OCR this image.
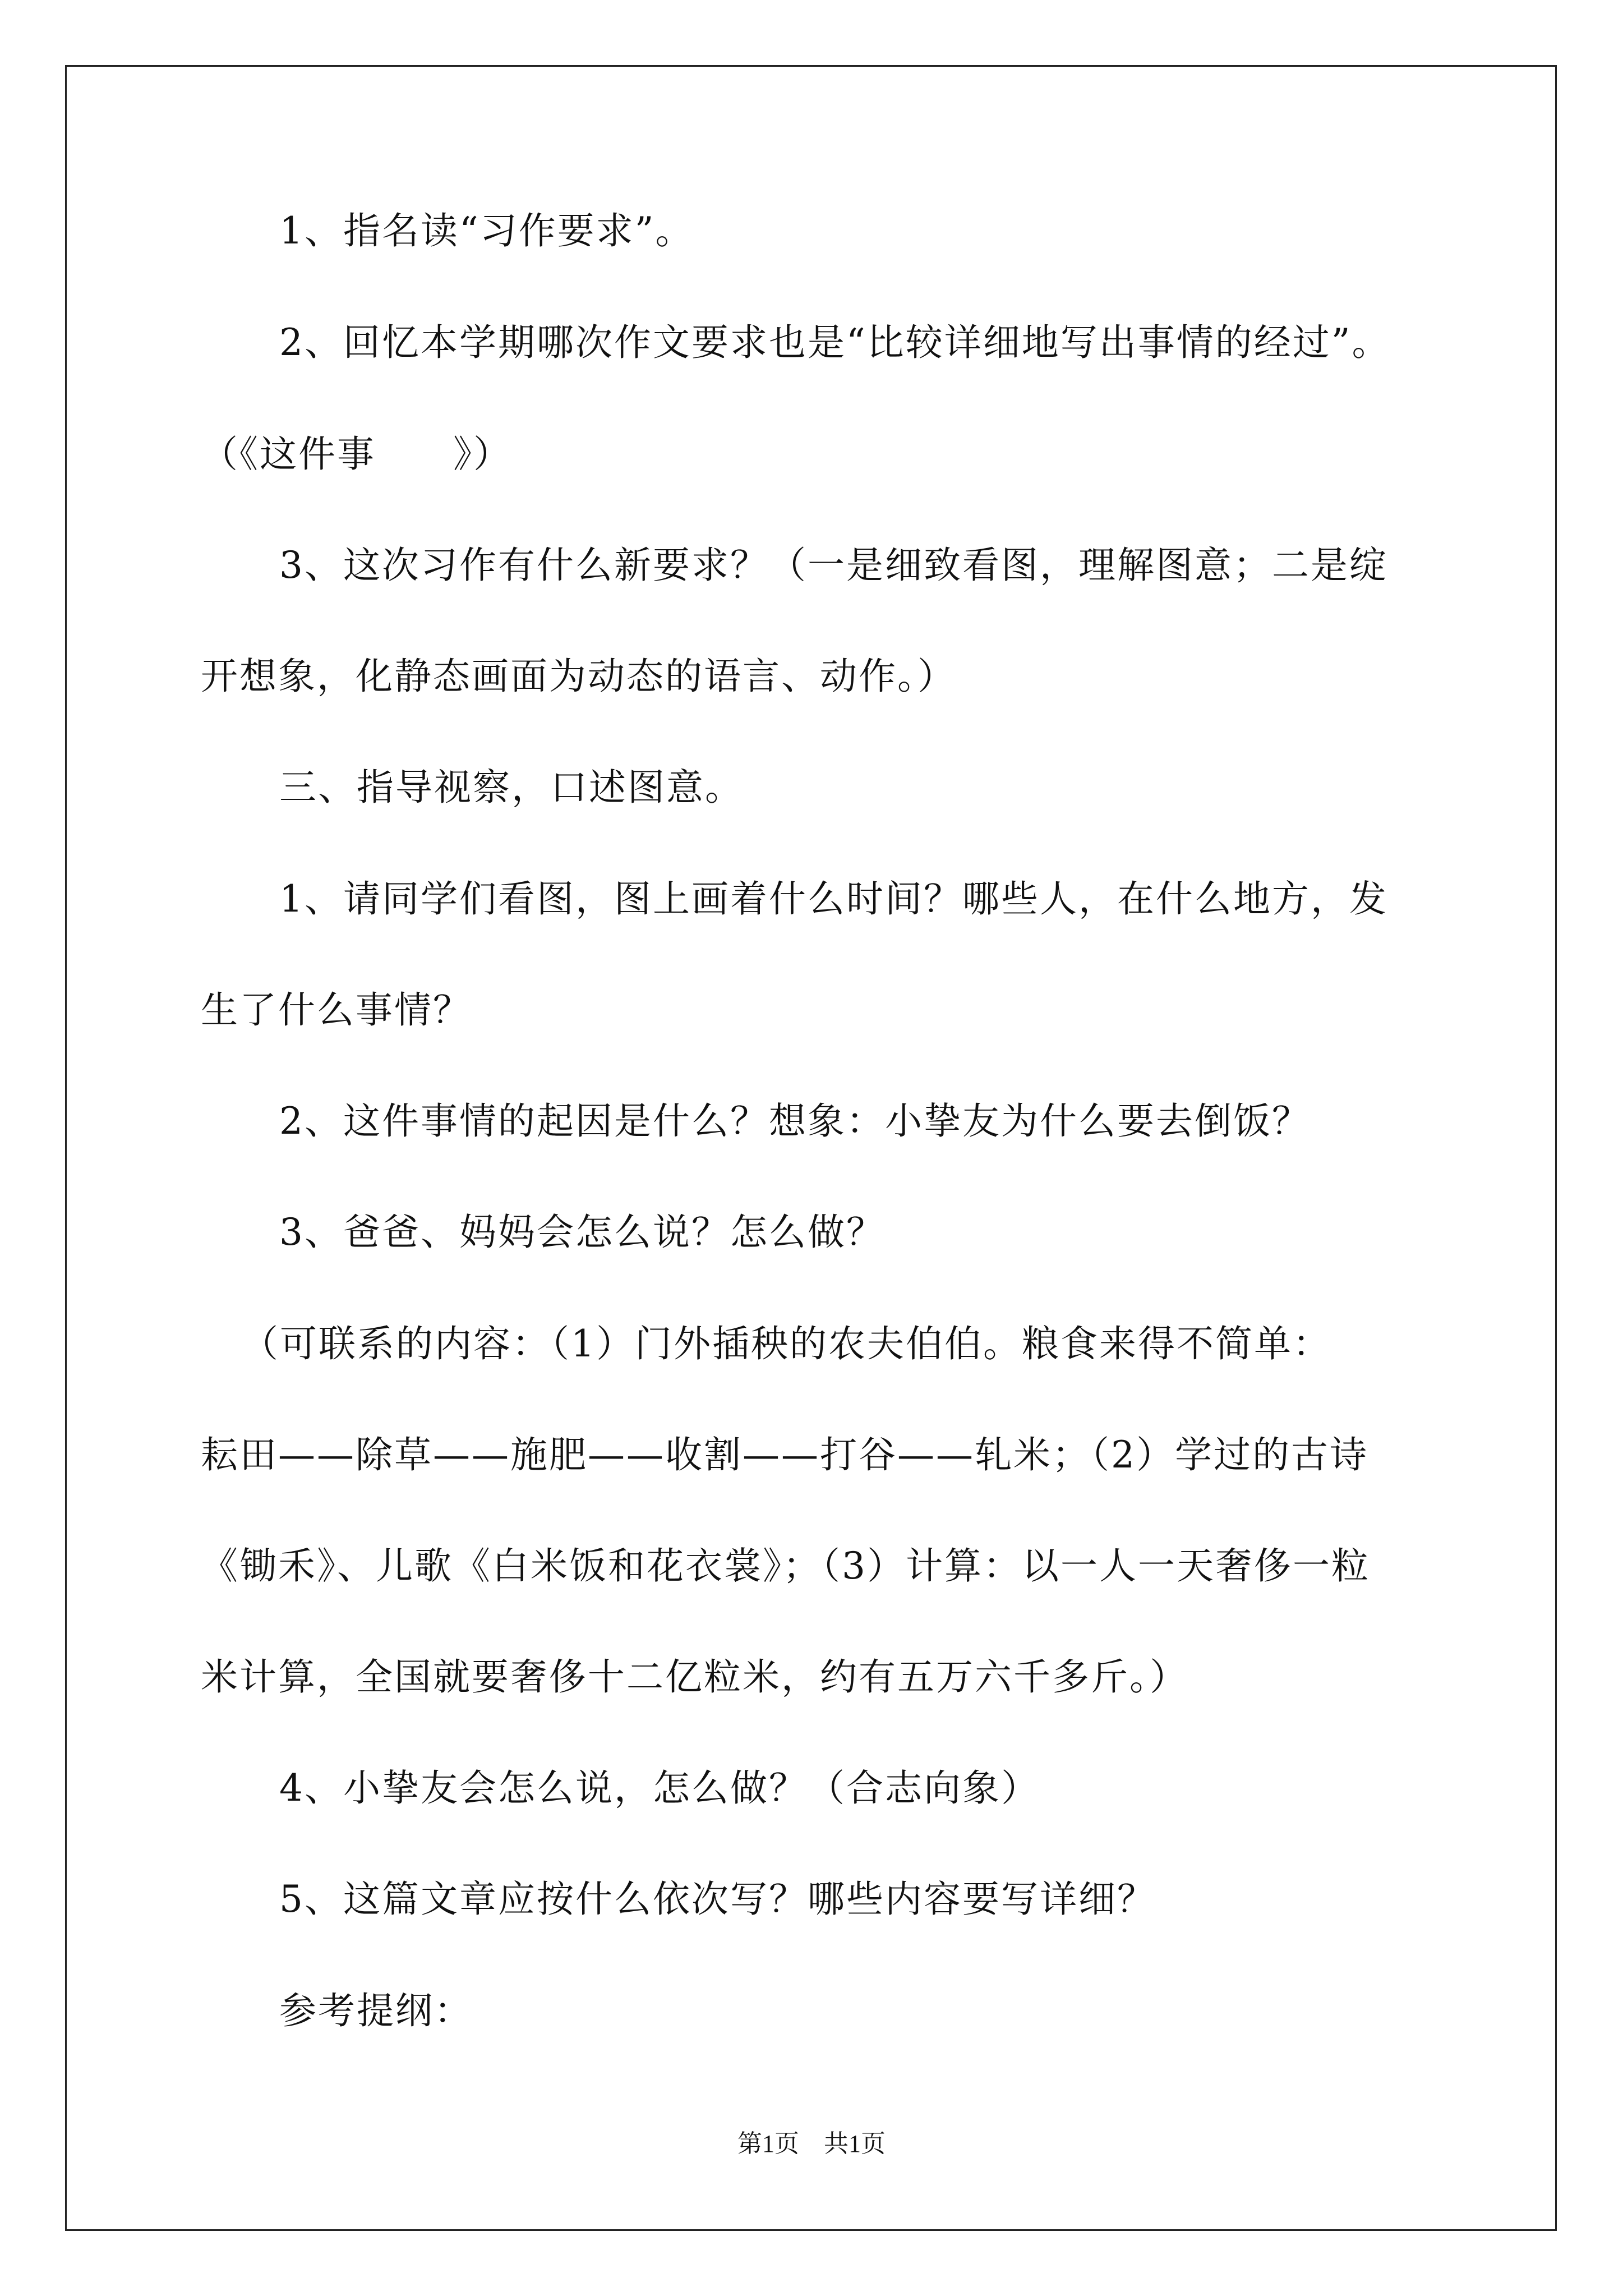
1、指名读“习作要求”。
2、回忆本学期哪次作文要求也是“比较详细地写出事情的经过”。
（《这件事　　》）
3、这次习作有什么新要求？（一是细致看图，理解图意；二是绽
开想象，化静态画面为动态的语言、动作。）
三、指导视察，口述图意。
1、请同学们看图，图上画着什么时间？哪些人，在什么地方，发
生了什么事情？
2、这件事情的起因是什么？想象：小挚友为什么要去倒饭？
3、爸爸、妈妈会怎么说？怎么做？
（可联系的内容：（1）门外插秧的农夫伯伯。粮食来得不简单：
耘田——除草——施肥——收割——打谷——轧米；（2）学过的古诗
《锄禾》、儿歌《白米饭和花衣裳》；（3）计算：以一人一天奢侈一粒
米计算，全国就要奢侈十二亿粒米，约有五万六千多斤。）
4、小挚友会怎么说，怎么做？（合志向象）
5、这篇文章应按什么依次写？哪些内容要写详细？
参考提纲：
第1页　共1页
